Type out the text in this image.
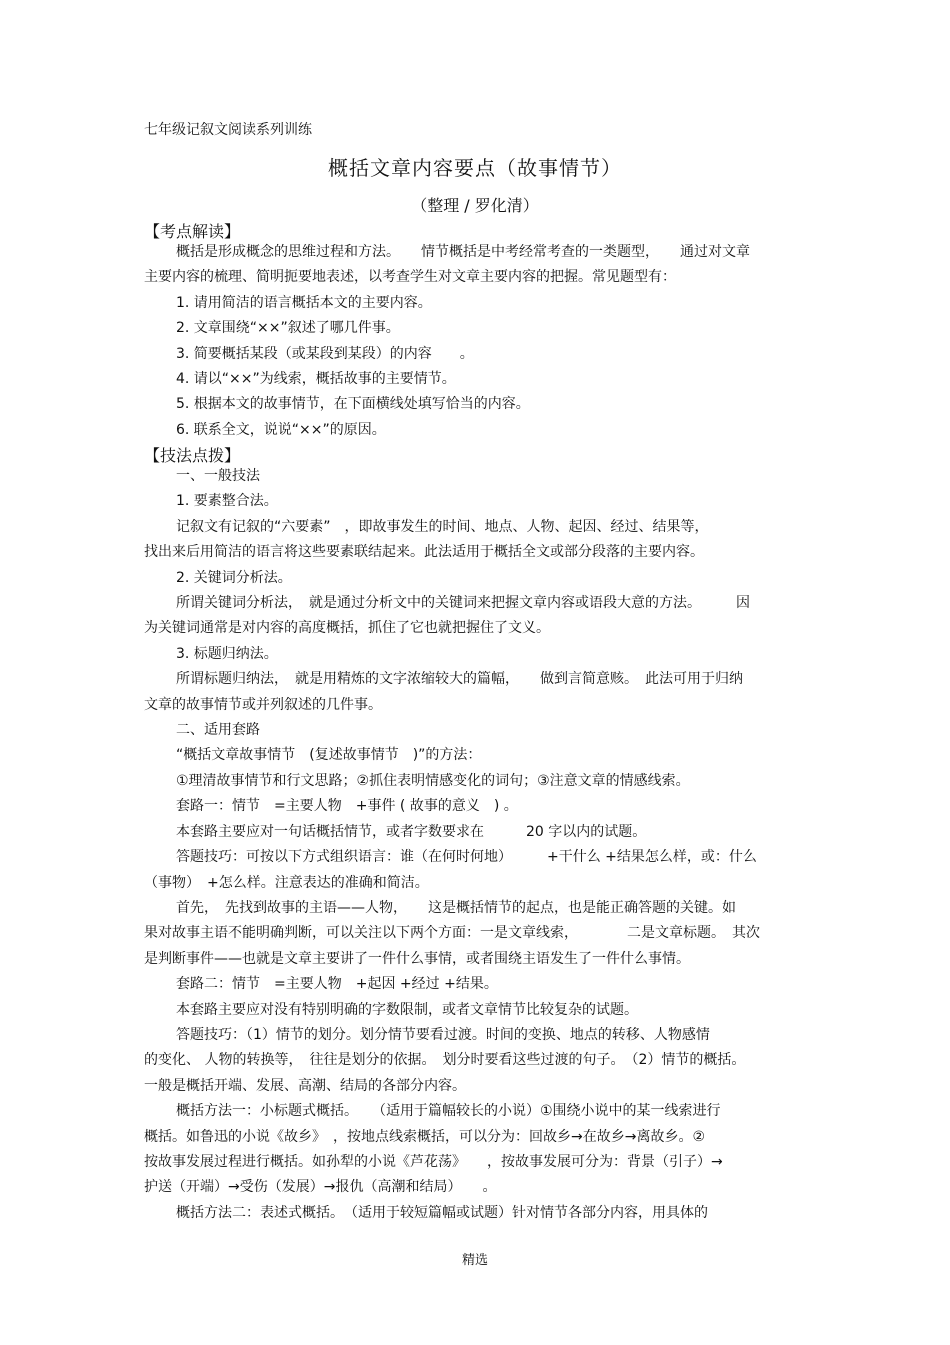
七年级记叙文阅读系列训练
概括文章内容要点（故事情节）
（整理 / 罗化清）
【考点解读】

概括是形成概念的思维过程和方法。　　情节概括是中考经常考查的一类题型，　　通过对文章

主要内容的梳理、简明扼要地表述，以考查学生对文章主要内容的把握。常见题型有：

1. 请用简洁的语言概括本文的主要内容。

2. 文章围绕“××”叙述了哪几件事。

3. 简要概括某段（或某段到某段）的内容　　。

4. 请以“××”为线索，概括故事的主要情节。

5. 根据本文的故事情节，在下面横线处填写恰当的内容。

6. 联系全文，说说“××”的原因。

【技法点拨】

一、一般技法

1. 要素整合法。

记叙文有记叙的“六要素”　，即故事发生的时间、地点、人物、起因、经过、结果等，

找出来后用简洁的语言将这些要素联结起来。此法适用于概括全文或部分段落的主要内容。

2. 关键词分析法。

所谓关键词分析法，　就是通过分析文中的关键词来把握文章内容或语段大意的方法。　　　因

为关键词通常是对内容的高度概括，抓住了它也就把握住了文义。

3. 标题归纳法。

所谓标题归纳法，　就是用精炼的文字浓缩较大的篇幅，　　做到言简意赅。　此法可用于归纳

文章的故事情节或并列叙述的几件事。

二、适用套路

“概括文章故事情节　(复述故事情节　)”的方法：

①理清故事情节和行文思路；②抓住表明情感变化的词句；③注意文章的情感线索。

套路一：情节　=主要人物　+事件 ( 故事的意义　) 。

本套路主要应对一句话概括情节，或者字数要求在　　　20 字以内的试题。

答题技巧：可按以下方式组织语言：谁（在何时何地）　　　+干什么 +结果怎么样，或：什么

（事物）　+怎么样。注意表达的准确和简洁。

首先，　先找到故事的主语——人物，　　这是概括情节的起点，也是能正确答题的关键。如

果对故事主语不能明确判断，可以关注以下两个方面：一是文章线索，　　　　二是文章标题。　其次

是判断事件——也就是文章主要讲了一件什么事情，或者围绕主语发生了一件什么事情。

套路二：情节　=主要人物　+起因 +经过 +结果。

本套路主要应对没有特别明确的字数限制，或者文章情节比较复杂的试题。

答题技巧：（1）情节的划分。划分情节要看过渡。时间的变换、地点的转移、人物感情

的变化、 人物的转换等，　往往是划分的依据。　划分时要看这些过渡的句子。　（2）情节的概括。

一般是概括开端、发展、高潮、结局的各部分内容。

概括方法一：小标题式概括。　　（适用于篇幅较长的小说）①围绕小说中的某一线索进行

概括。如鲁迅的小说《故乡》　，按地点线索概括，可以分为：回故乡→在故乡→离故乡。②

按故事发展过程进行概括。如孙犁的小说《芦花荡》　　，按故事发展可分为：背景（引子）→

护送（开端）→受伤（发展）→报仇（高潮和结局）　　。

概括方法二：表述式概括。　（适用于较短篇幅或试题）针对情节各部分内容，用具体的

精选
